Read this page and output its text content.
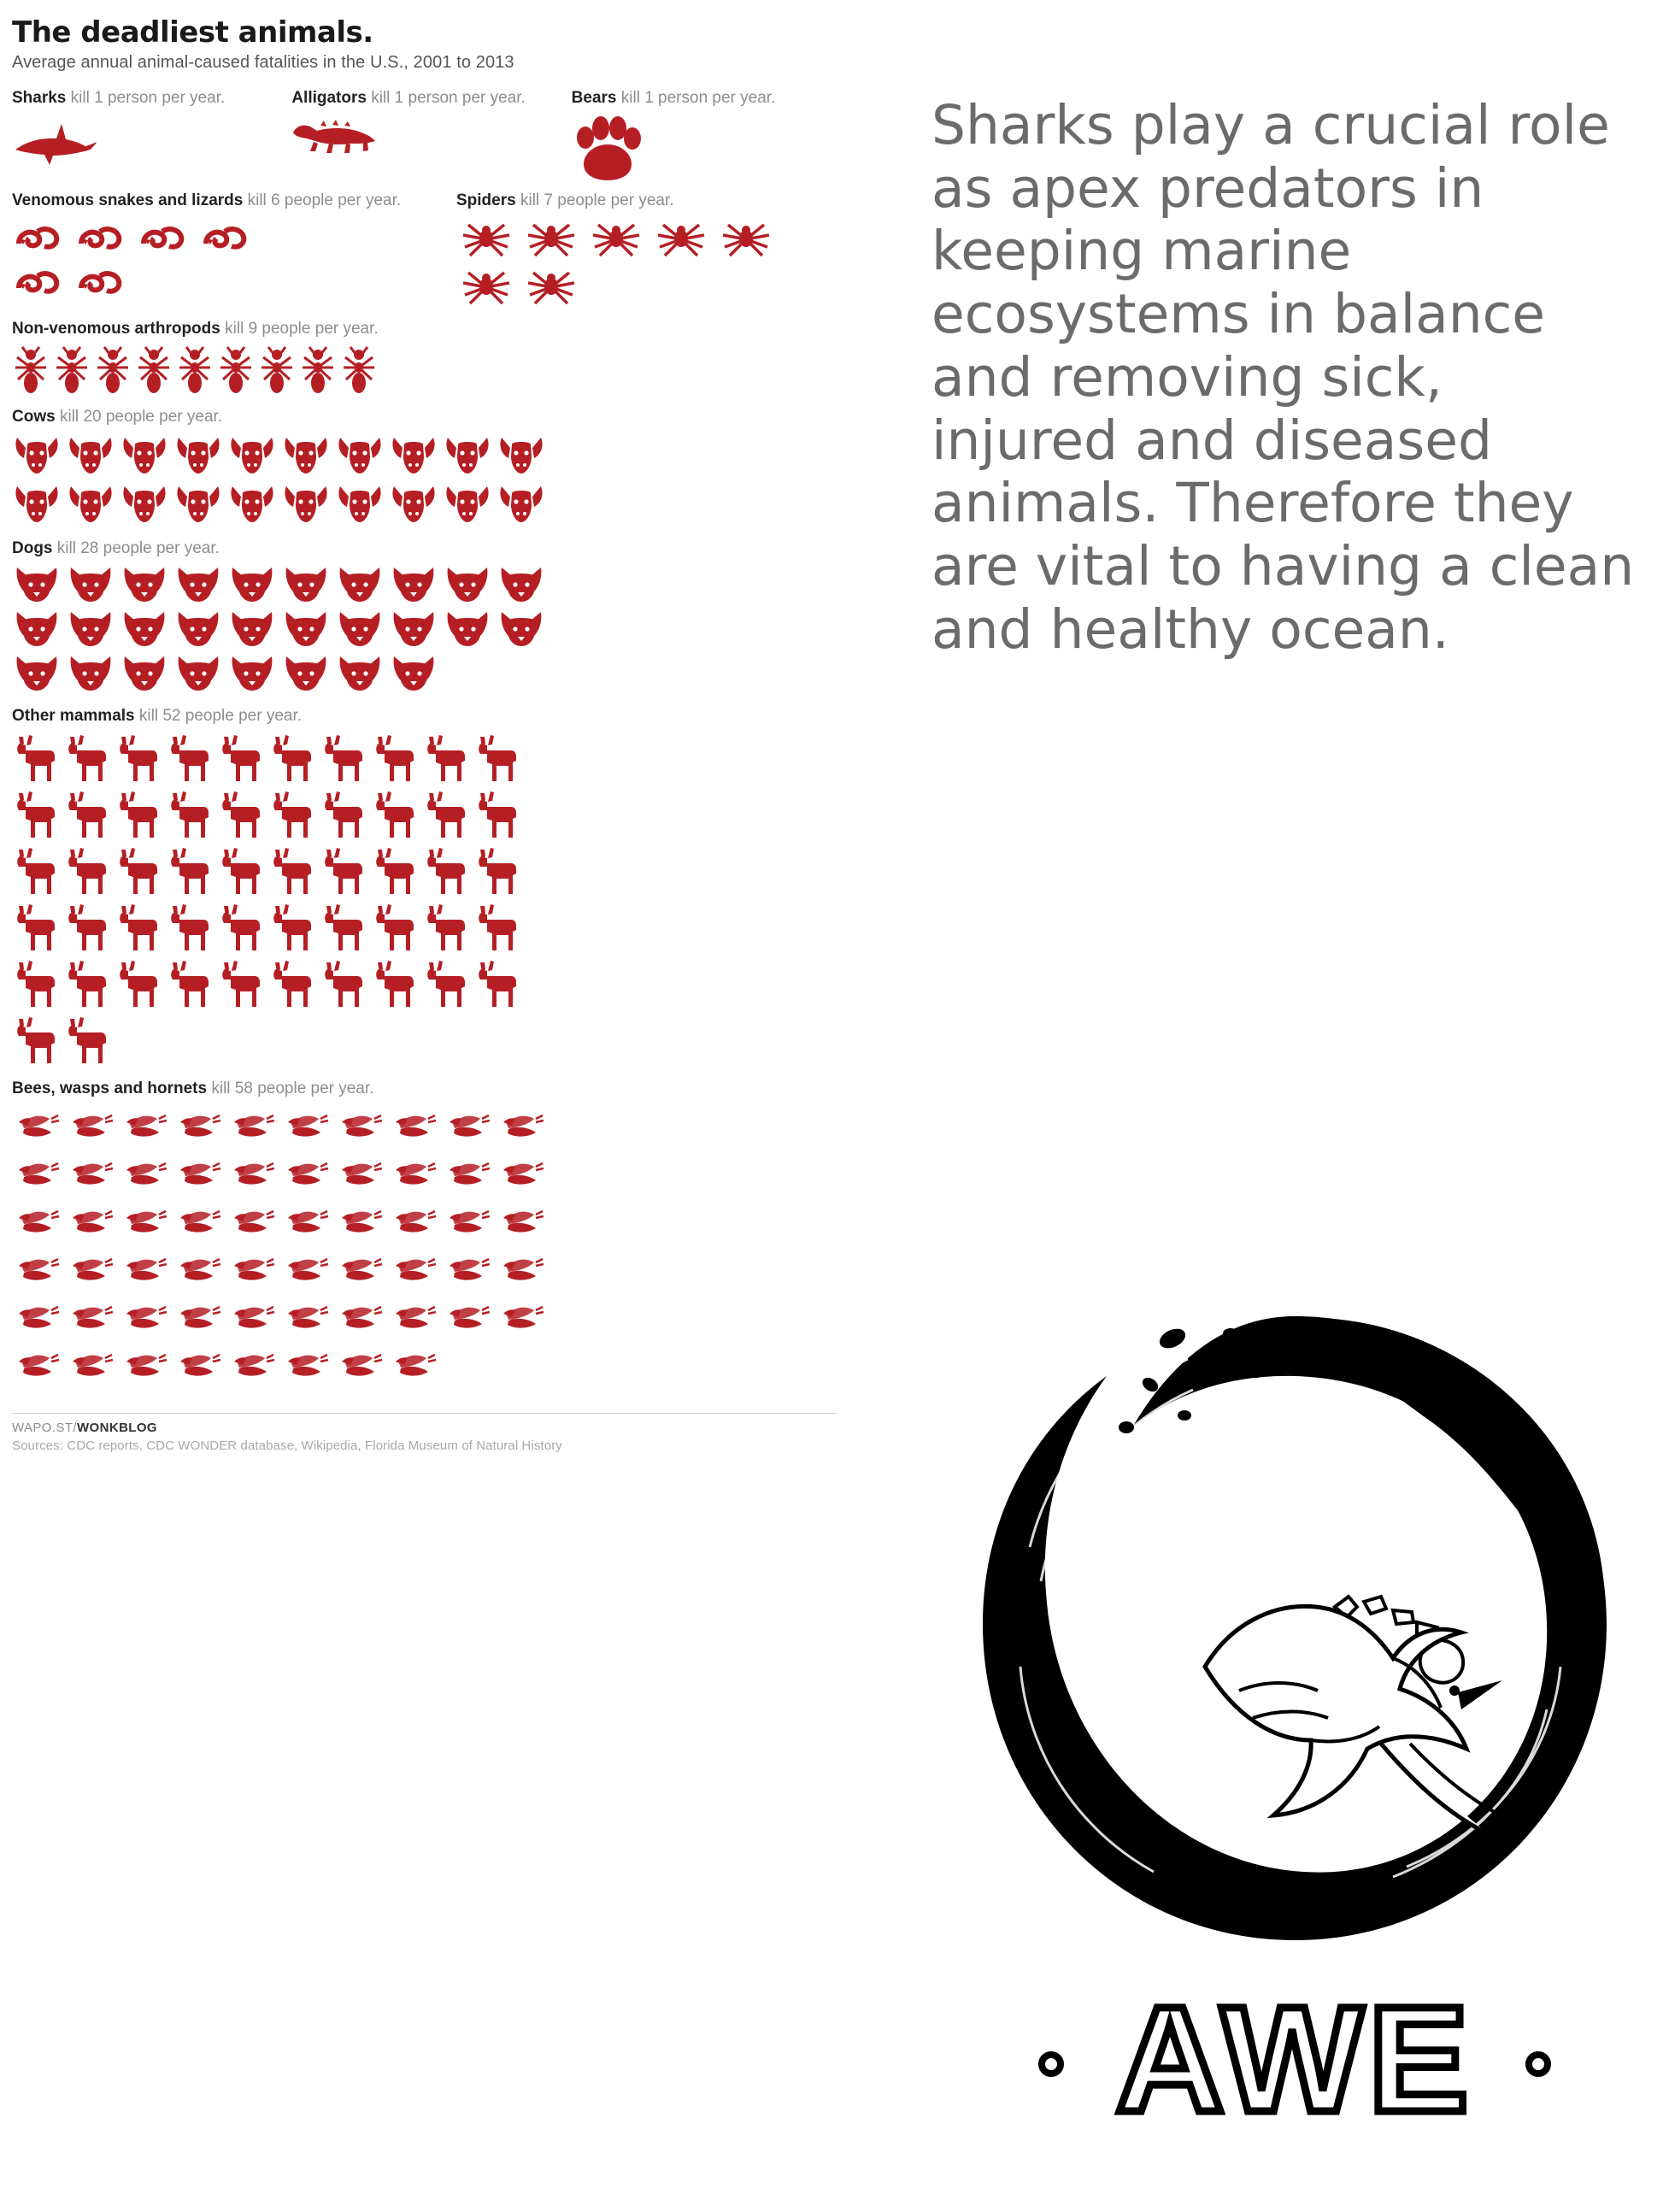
The deadliest animals.
Average annual animal-caused fatalities in the U.S., 2001 to 2013
Sharks kill 1 person per year.	Alligators kill 1 person per year.	Bears kill 1 person per year.
Venomous snakes and lizards kill 6 people per year.	Spiders kill 7 people per year.
Non-venomous arthropods kill 9 people per year.
Cows kill 20 people per year.
Dogs kill 28 people per year.
Other mammals kill 52 people per year.
Bees, wasps and hornets kill 58 people per year.
WAPO.ST/WONKBLOG
Sources: CDC reports, CDC WONDER database, Wikipedia, Florida Museum of Natural History
Sharks play a crucial role as apex predators in keeping marine ecosystems in balance and removing sick, injured and diseased animals. Therefore they are vital to having a clean and healthy ocean.
AWE
